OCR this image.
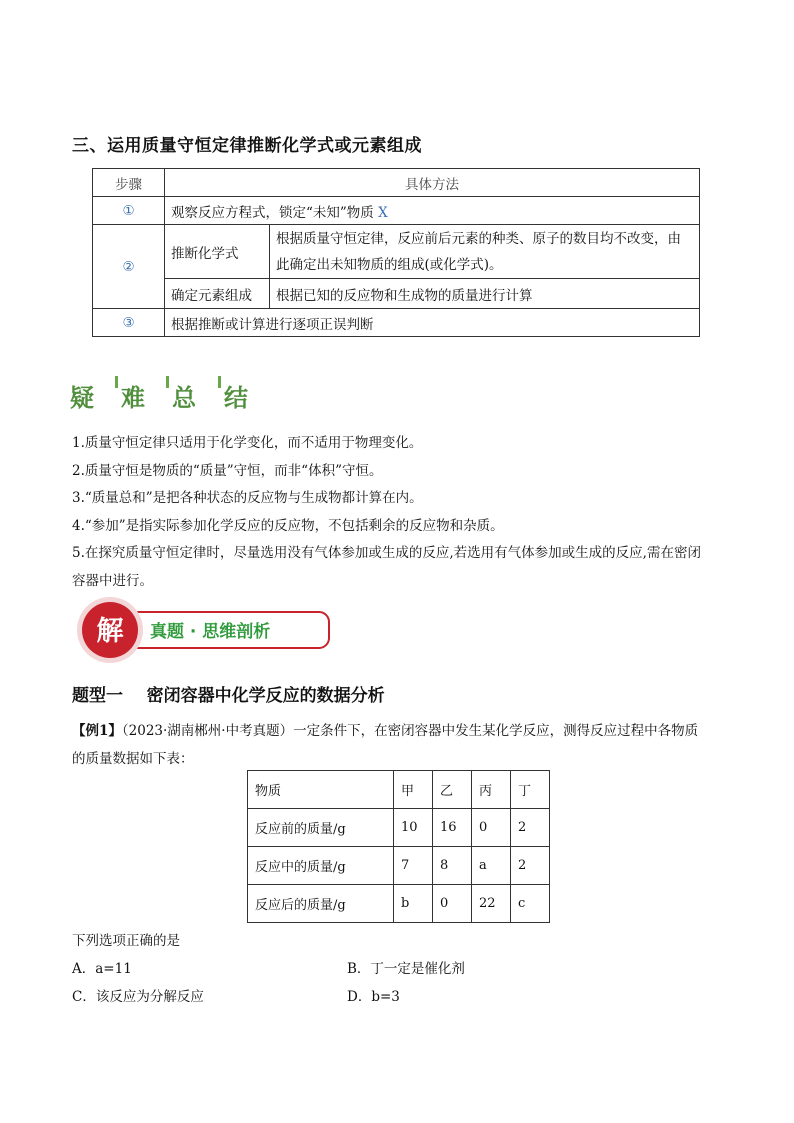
三、运用质量守恒定律推断化学式或元素组成
步骤	具体方法	
①	观察反应方程式，锁定“未知”物质 X	
②	推断化学式	根据质量守恒定律，反应前后元素的种类、原子的数目均不改变，由
此确定出未知物质的组成(或化学式)。

	确定元素组成	根据已知的反应物和生成物的质量进行计算
③	根据推断或计算进行逐项正误判断	
疑 难 总 结
1.质量守恒定律只适用于化学变化，而不适用于物理变化。
2.质量守恒是物质的“质量”守恒，而非“体积”守恒。
3.“质量总和”是把各种状态的反应物与生成物都计算在内。
4.“参加”是指实际参加化学反应的反应物，不包括剩余的反应物和杂质。
5.在探究质量守恒定律时，尽量选用没有气体参加或生成的反应,若选用有气体参加或生成的反应,需在密闭
容器中进行。
解 真题 · 思维剖析
题型一    密闭容器中化学反应的数据分析
【例1】（2023·湖南郴州·中考真题）一定条件下，在密闭容器中发生某化学反应，测得反应过程中各物质
的质量数据如下表：
物质	甲	乙	丙	丁
反应前的质量/g	10	16	0	2
反应中的质量/g	7	8	a	2
反应后的质量/g	b	0	22	c
下列选项正确的是
A．a=11	B．丁一定是催化剂
C．该反应为分解反应	D．b=3
